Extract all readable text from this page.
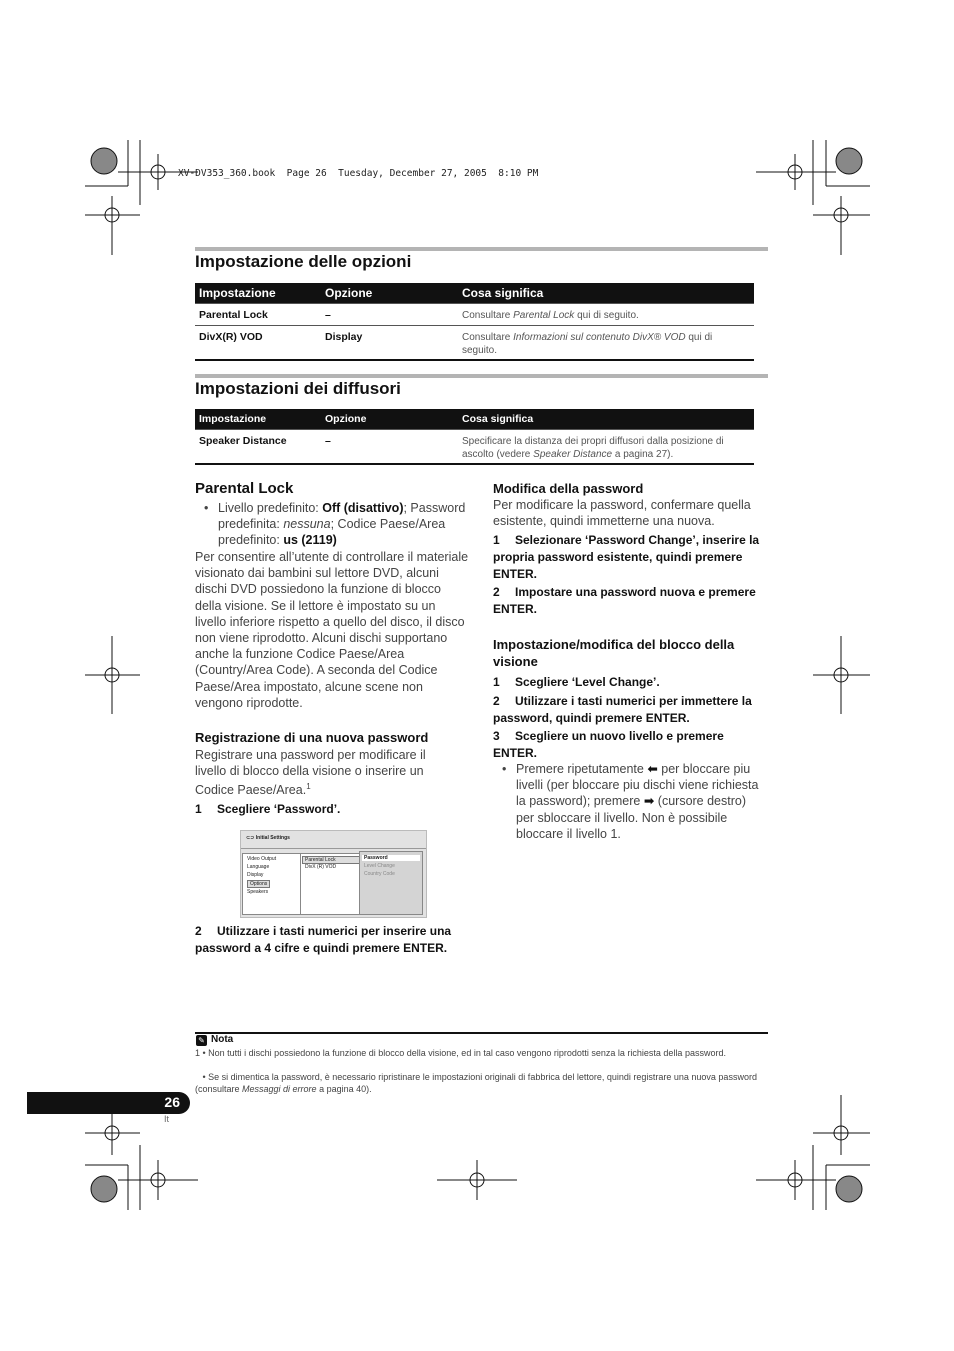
XV-DV353_360.book  Page 26  Tuesday, December 27, 2005  8:10 PM
Impostazione delle opzioni
Impostazione	Opzione	Cosa significa
Parental Lock	–	Consultare Parental Lock qui di seguito.
DivX(R) VOD	Display	Consultare Informazioni sul contenuto DivX® VOD qui di seguito.
Impostazioni dei diffusori
Impostazione	Opzione	Cosa significa
Speaker Distance	–	Specificare la distanza dei propri diffusori dalla posizione di ascolto (vedere Speaker Distance a pagina 27).
Parental Lock
• Livello predefinito: Off (disattivo); Password predefinita: nessuna; Codice Paese/Area predefinito: us (2119)
Per consentire all’utente di controllare il materiale visionato dai bambini sul lettore DVD, alcuni dischi DVD possiedono la funzione di blocco della visione. Se il lettore è impostato su un livello inferiore rispetto a quello del disco, il disco non viene riprodotto. Alcuni dischi supportano anche la funzione Codice Paese/Area (Country/Area Code). A seconda del Codice Paese/Area impostato, alcune scene non vengono riprodotte.
Registrazione di una nuova password
Registrare una password per modificare il livello di blocco della visione o inserire un Codice Paese/Area.$^1$
1 Scegliere ‘Password’.
⊂⊃ Initial Settings
Video Output
Language
Display
Options
Speakers
Parental Lock
DivX (R) VOD
Password
Level Change
Country Code
2 Utilizzare i tasti numerici per inserire una password a 4 cifre e quindi premere ENTER.
Modifica della password
Per modificare la password, confermare quella esistente, quindi immetterne una nuova.
1 Selezionare ‘Password Change’, inserire la propria password esistente, quindi premere ENTER.
2 Impostare una password nuova e premere ENTER.
Impostazione/modifica del blocco della visione
1 Scegliere ‘Level Change’.
2 Utilizzare i tasti numerici per immettere la password, quindi premere ENTER.
3 Scegliere un nuovo livello e premere ENTER.
• Premere ripetutamente ⬅ per bloccare piu livelli (per bloccare piu dischi viene richiesta la password); premere ➡ (cursore destro) per sbloccare il livello. Non è possibile bloccare il livello 1.
✎ Nota
1 • Non tutti i dischi possiedono la funzione di blocco della visione, ed in tal caso vengono riprodotti senza la richiesta della password.
• Se si dimentica la password, è necessario ripristinare le impostazioni originali di fabbrica del lettore, quindi registrare una nuova password (consultare Messaggi di errore a pagina 40).
26
It
